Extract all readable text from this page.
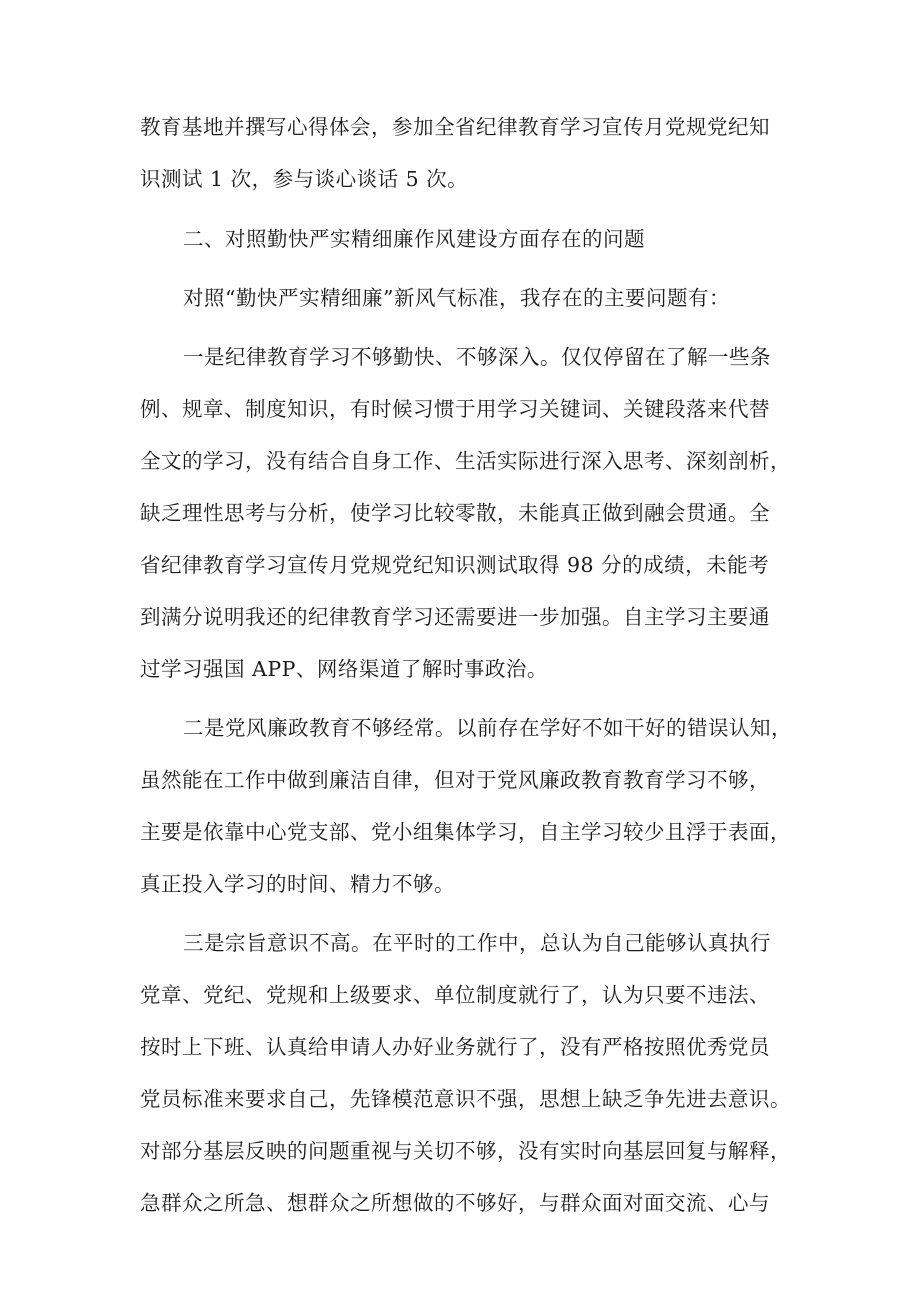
教育基地并撰写心得体会，参加全省纪律教育学习宣传月党规党纪知
识测试 1 次，参与谈心谈话 5 次。
二、对照勤快严实精细廉作风建设方面存在的问题
对照“勤快严实精细廉”新风气标准，我存在的主要问题有：
一是纪律教育学习不够勤快、不够深入。仅仅停留在了解一些条
例、规章、制度知识，有时候习惯于用学习关键词、关键段落来代替
全文的学习，没有结合自身工作、生活实际进行深入思考、深刻剖析，
缺乏理性思考与分析，使学习比较零散，未能真正做到融会贯通。全
省纪律教育学习宣传月党规党纪知识测试取得 98 分的成绩，未能考
到满分说明我还的纪律教育学习还需要进一步加强。自主学习主要通
过学习强国 APP、网络渠道了解时事政治。
二是党风廉政教育不够经常。以前存在学好不如干好的错误认知，
虽然能在工作中做到廉洁自律，但对于党风廉政教育教育学习不够，
主要是依靠中心党支部、党小组集体学习，自主学习较少且浮于表面，
真正投入学习的时间、精力不够。
三是宗旨意识不高。在平时的工作中，总认为自己能够认真执行
党章、党纪、党规和上级要求、单位制度就行了，认为只要不违法、
按时上下班、认真给申请人办好业务就行了，没有严格按照优秀党员
党员标准来要求自己，先锋模范意识不强，思想上缺乏争先进去意识。
对部分基层反映的问题重视与关切不够，没有实时向基层回复与解释，
急群众之所急、想群众之所想做的不够好，与群众面对面交流、心与
